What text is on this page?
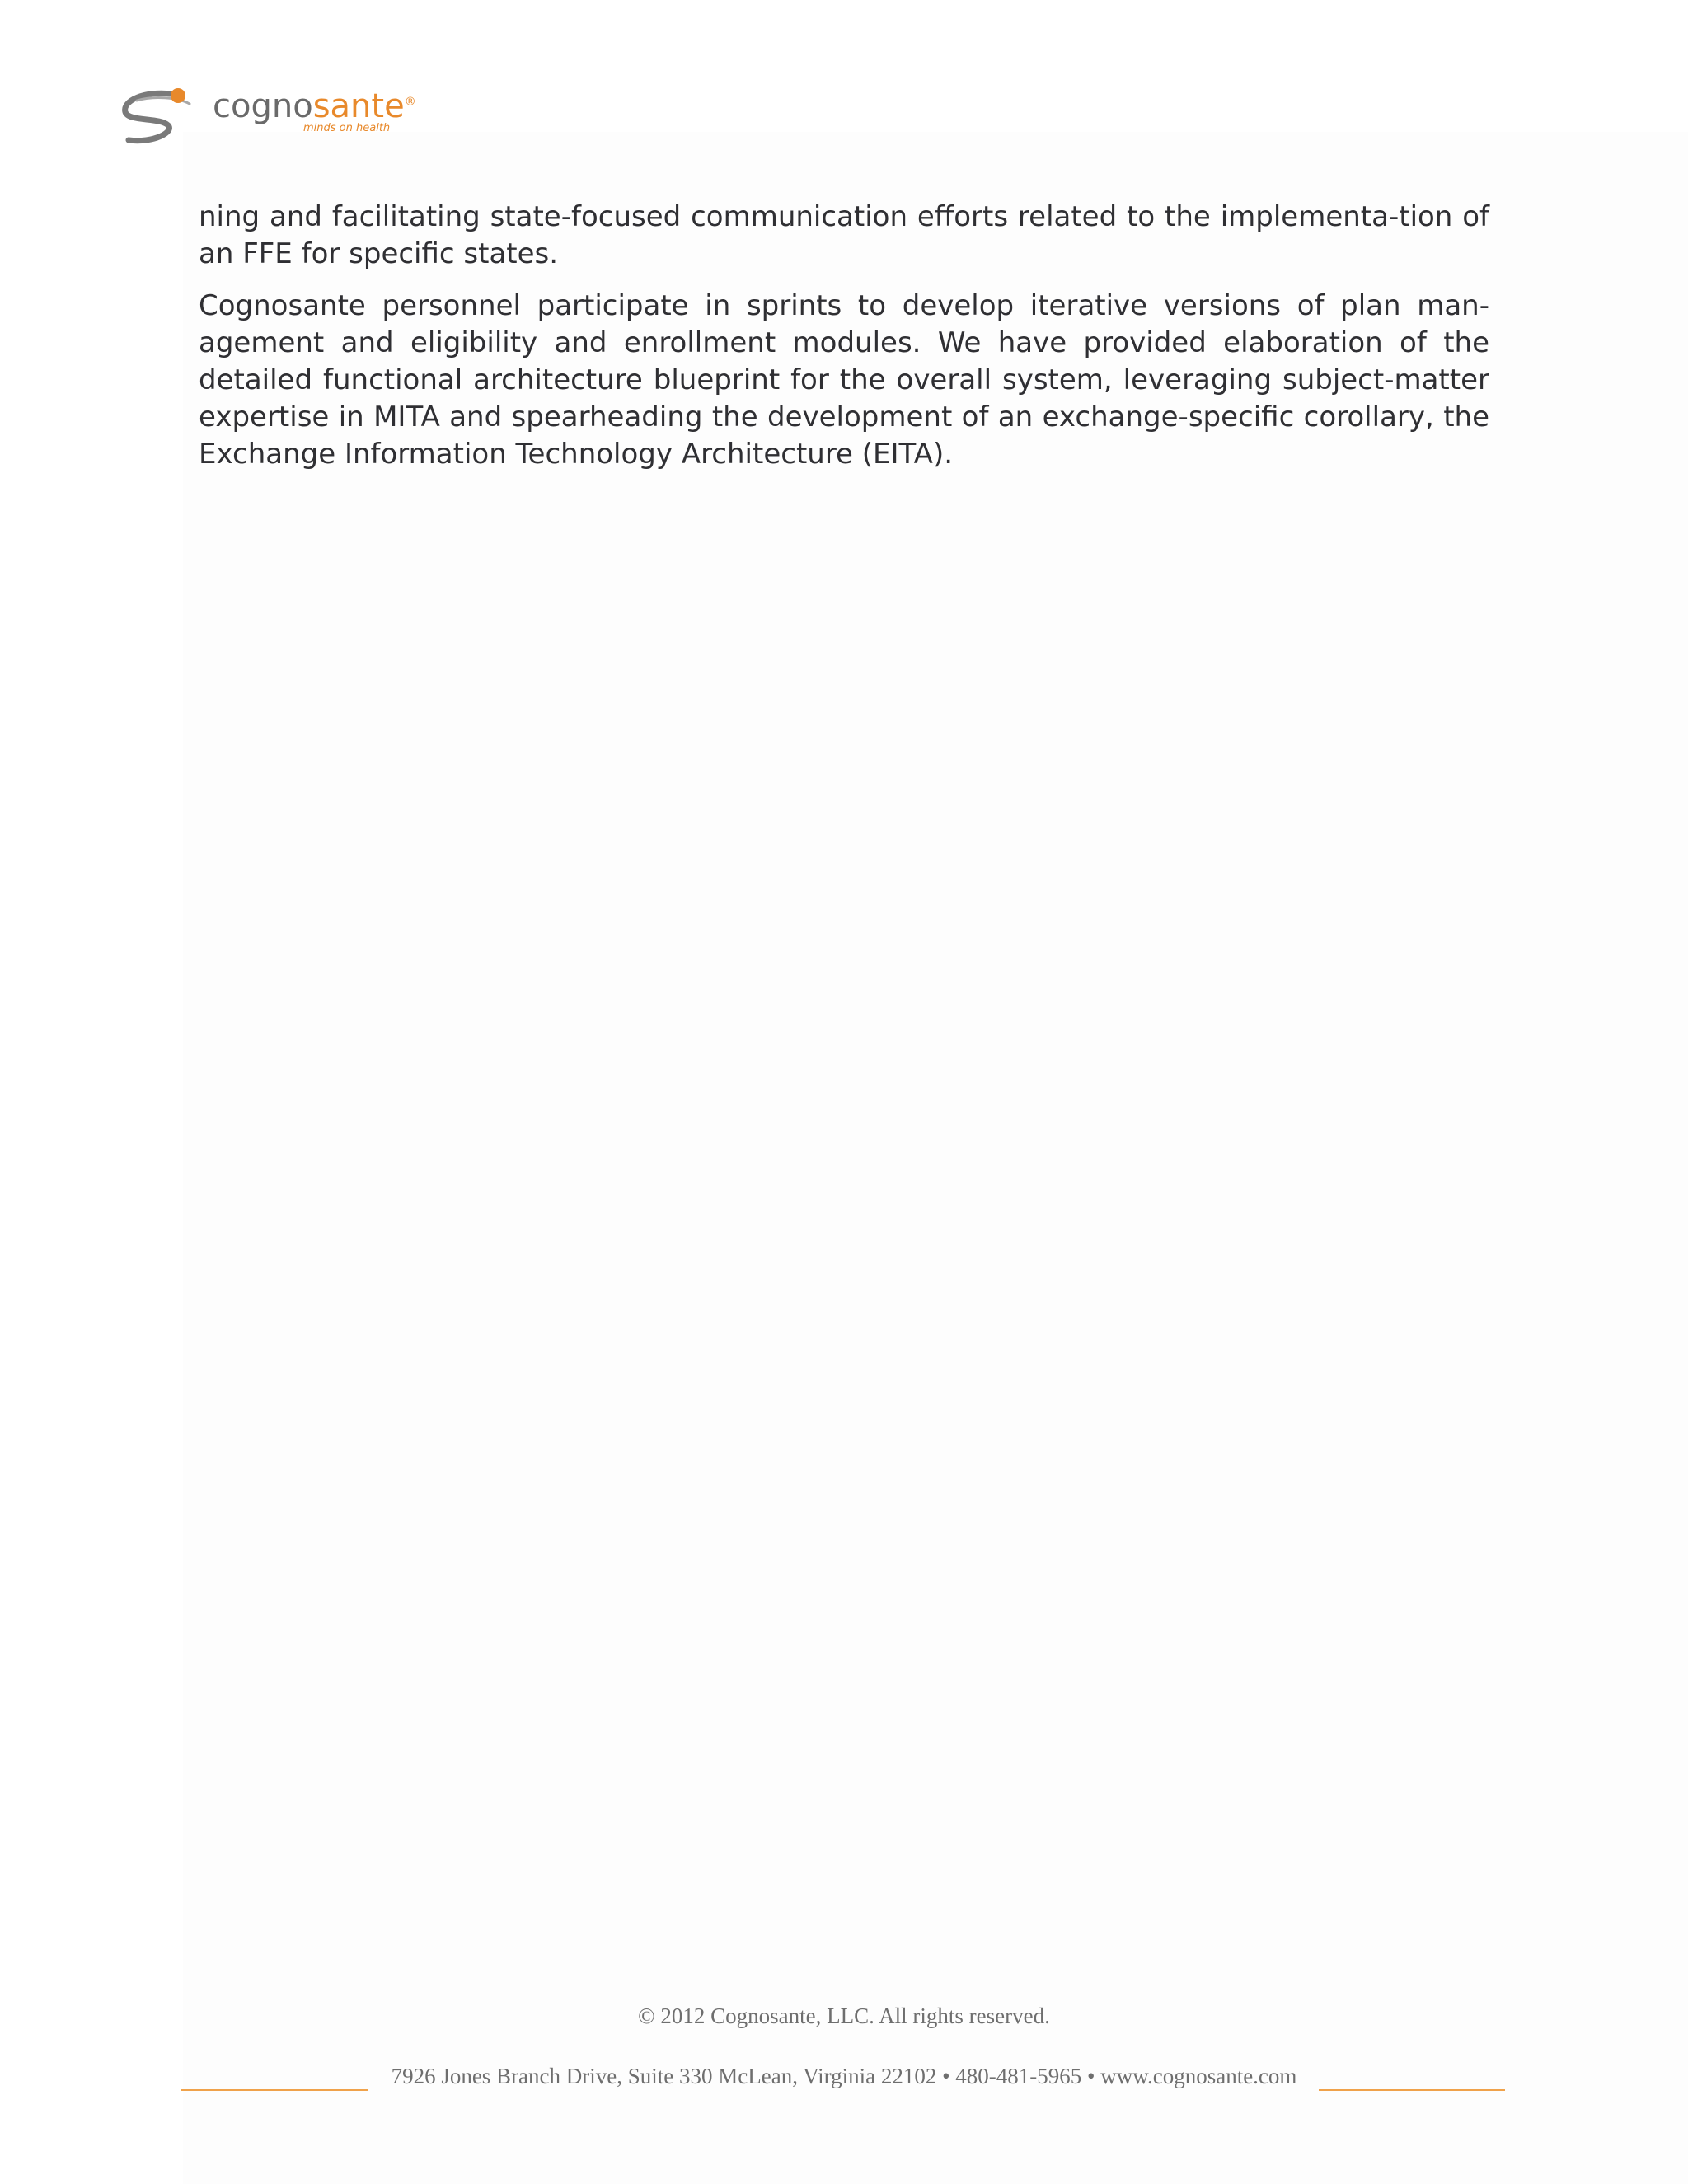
cognosante®
minds on health

ning and facilitating state-focused communication efforts related to the implementa-tion of an FFE for specific states.

Cognosante personnel participate in sprints to develop iterative versions of plan man-agement and eligibility and enrollment modules. We have provided elaboration of the detailed functional architecture blueprint for the overall system, leveraging subject-matter expertise in MITA and spearheading the development of an exchange-specific corollary, the Exchange Information Technology Architecture (EITA).

© 2012 Cognosante, LLC. All rights reserved.
7926 Jones Branch Drive, Suite 330 McLean, Virginia 22102 • 480-481-5965 • www.cognosante.com
